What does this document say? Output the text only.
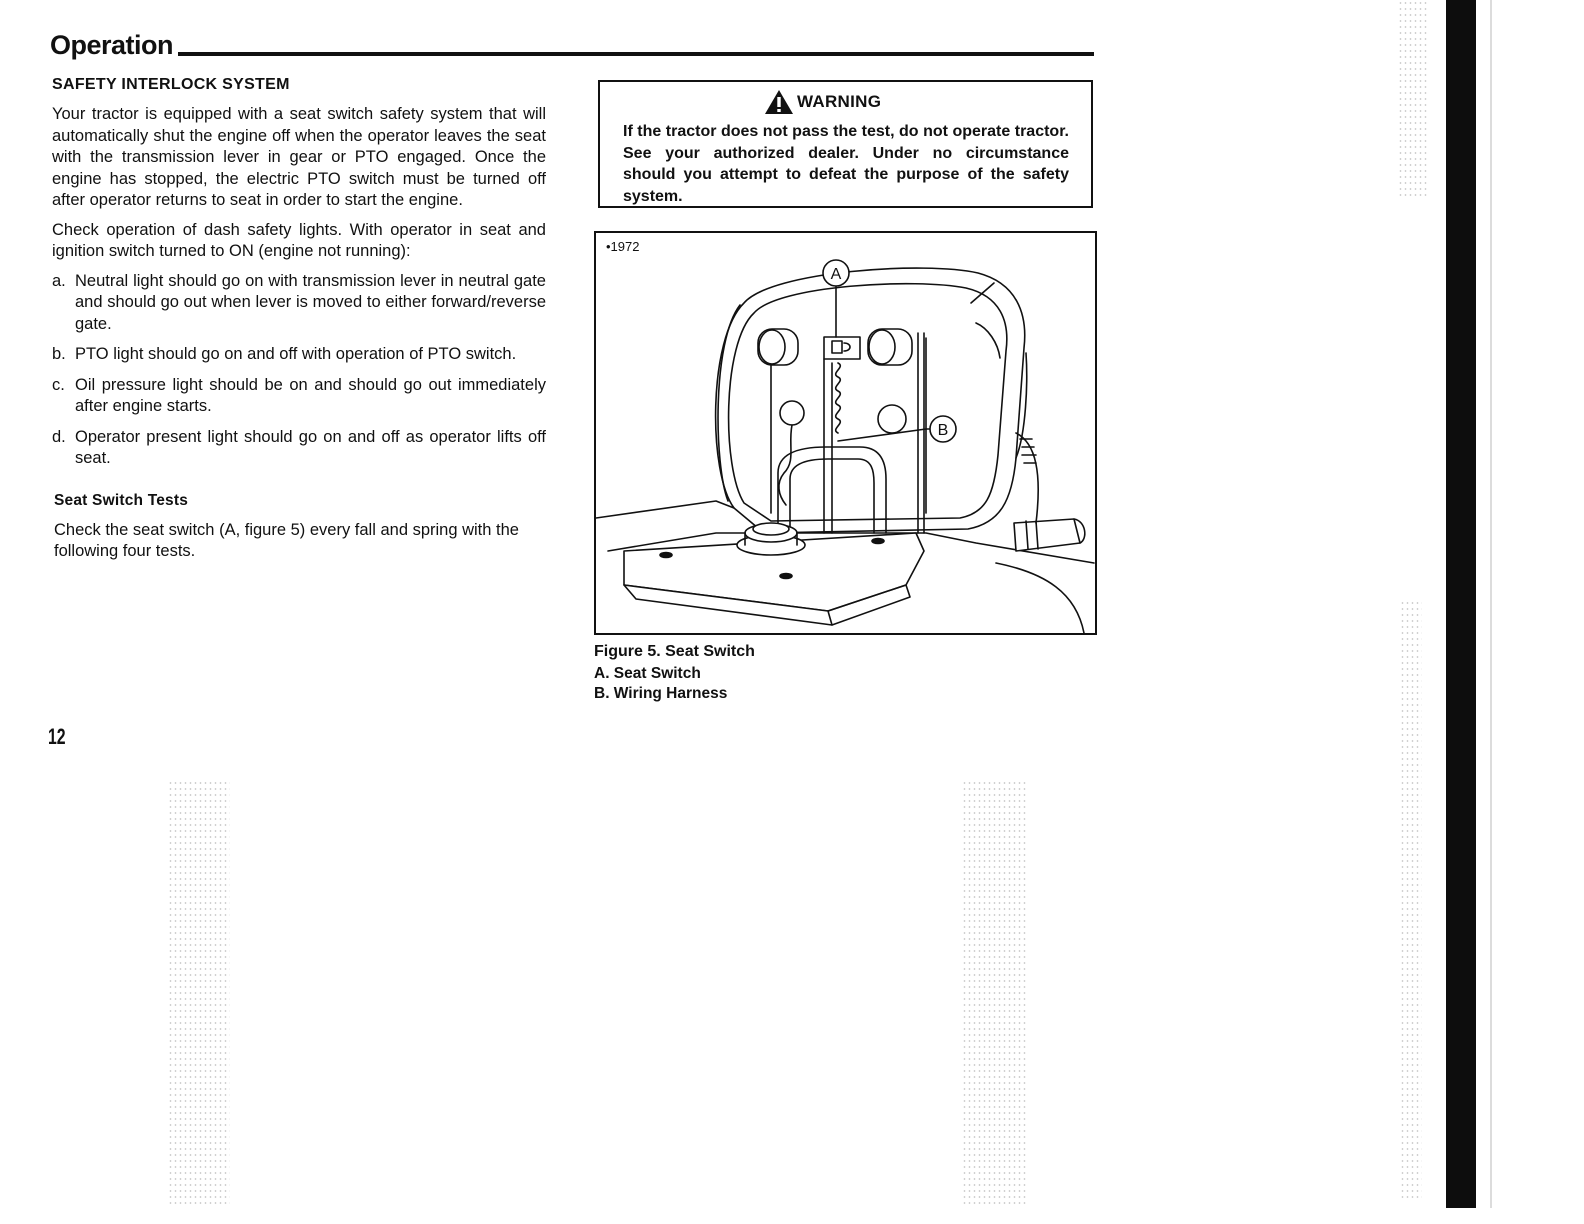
Operation
SAFETY INTERLOCK SYSTEM

Your tractor is equipped with a seat switch safety system that will automatically shut the engine off when the operator leaves the seat with the transmission lever in gear or PTO engaged. Once the engine has stopped, the electric PTO switch must be turned off after operator returns to seat in order to start the engine.

Check operation of dash safety lights. With operator in seat and ignition switch turned to ON (engine not running):

a. Neutral light should go on with transmission lever in neutral gate and should go out when lever is moved to either forward/reverse gate.
b. PTO light should go on and off with operation of PTO switch.
c. Oil pressure light should be on and should go out immediately after engine starts.
d. Operator present light should go on and off as operator lifts off seat.
Seat Switch Tests

Check the seat switch (A, figure 5) every fall and spring with the following four tests.

WARNING
If the tractor does not pass the test, do not operate tractor. See your authorized dealer. Under no circumstance should you attempt to defeat the purpose of the safety system.
A
B
•1972
Figure 5. Seat Switch
A. Seat Switch
B. Wiring Harness
12
